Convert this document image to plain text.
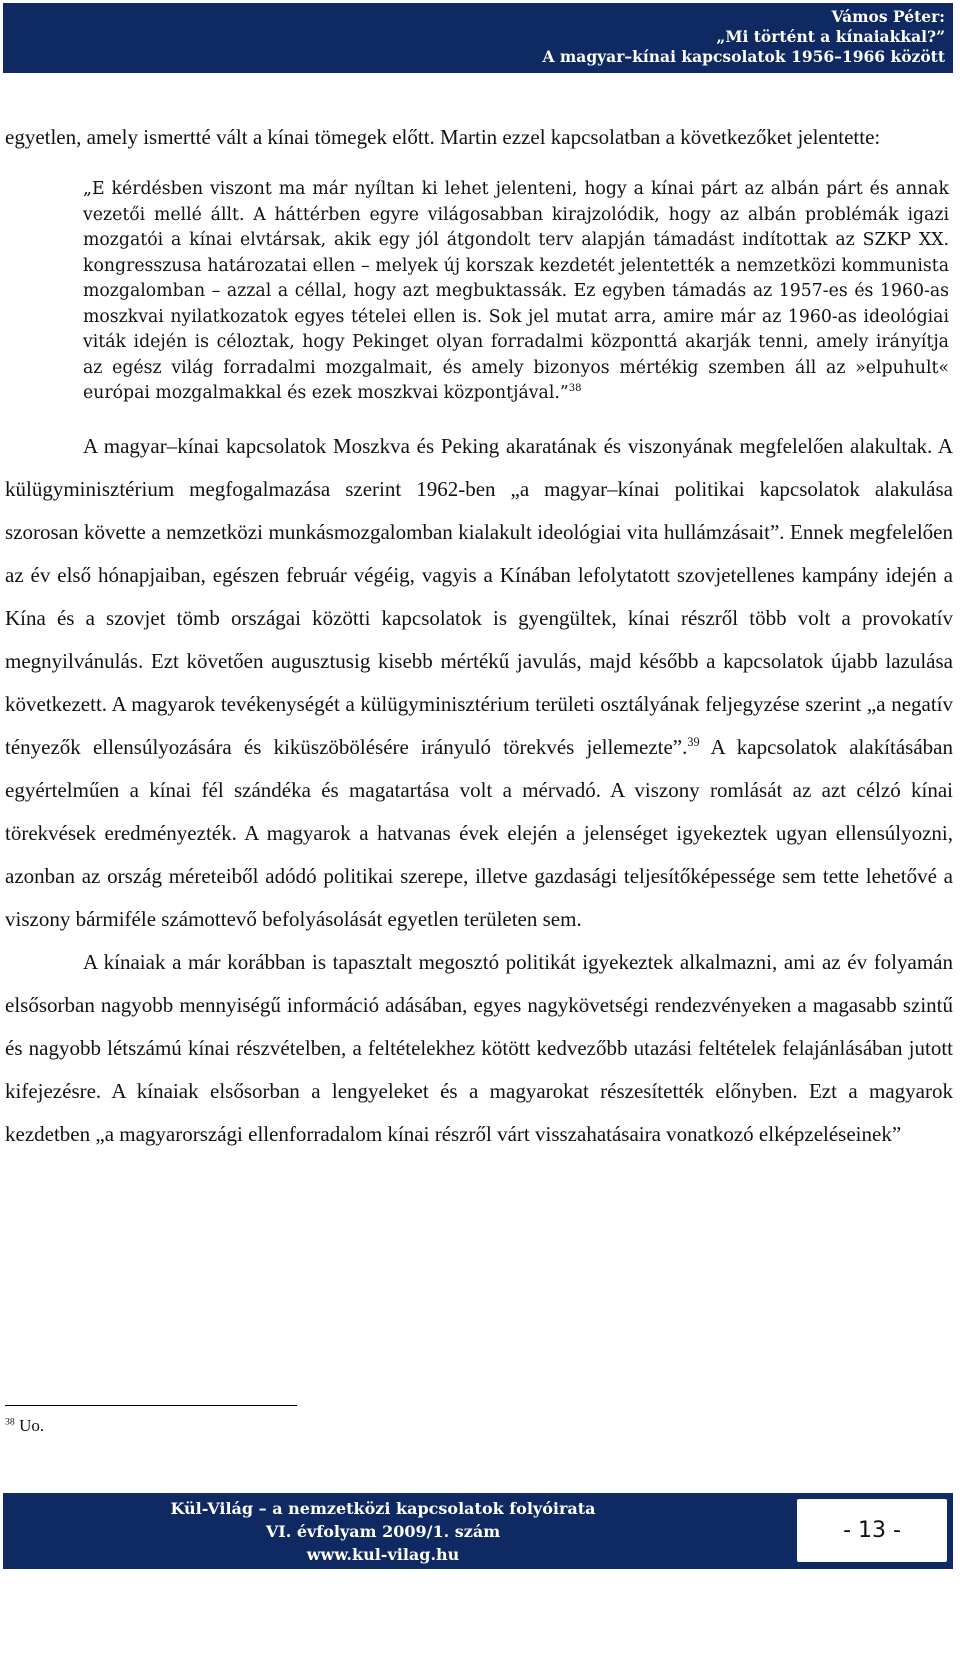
Vámos Péter:
„Mi történt a kínaiakkal?”
A magyar–kínai kapcsolatok 1956–1966 között

egyetlen, amely ismertté vált a kínai tömegek előtt. Martin ezzel kapcsolatban a következőket jelentette:

„E kérdésben viszont ma már nyíltan ki lehet jelenteni, hogy a kínai párt az albán párt és annak vezetői mellé állt. A háttérben egyre világosabban kirajzolódik, hogy az albán problémák igazi mozgatói a kínai elvtársak, akik egy jól átgondolt terv alapján támadást indítottak az SZKP XX. kongresszusa határozatai ellen – melyek új korszak kezdetét jelentették a nemzetközi kommunista mozgalomban – azzal a céllal, hogy azt megbuktassák. Ez egyben támadás az 1957-es és 1960-as moszkvai nyilatkozatok egyes tételei ellen is. Sok jel mutat arra, amire már az 1960-as ideológiai viták idején is céloztak, hogy Pekinget olyan forradalmi központtá akarják tenni, amely irányítja az egész világ forradalmi mozgalmait, és amely bizonyos mértékig szemben áll az »elpuhult« európai mozgalmakkal és ezek moszkvai központjával.”$^{38}$

A magyar–kínai kapcsolatok Moszkva és Peking akaratának és viszonyának megfelelően alakultak. A külügyminisztérium megfogalmazása szerint 1962-ben „a magyar–kínai politikai kapcsolatok alakulása szorosan követte a nemzetközi munkásmozgalomban kialakult ideológiai vita hullámzásait”. Ennek megfelelően az év első hónapjaiban, egészen február végéig, vagyis a Kínában lefolytatott szovjetellenes kampány idején a Kína és a szovjet tömb országai közötti kapcsolatok is gyengültek, kínai részről több volt a provokatív megnyilvánulás. Ezt követően augusztusig kisebb mértékű javulás, majd később a kapcsolatok újabb lazulása következett. A magyarok tevékenységét a külügyminisztérium területi osztályának feljegyzése szerint „a negatív tényezők ellensúlyozására és kiküszöbölésére irányuló törekvés jellemezte”.$^{39}$ A kapcsolatok alakításában egyértelműen a kínai fél szándéka és magatartása volt a mérvadó. A viszony romlását az azt célzó kínai törekvések eredményezték. A magyarok a hatvanas évek elején a jelenséget igyekeztek ugyan ellensúlyozni, azonban az ország méreteiből adódó politikai szerepe, illetve gazdasági teljesítőképessége sem tette lehetővé a viszony bármiféle számottevő befolyásolását egyetlen területen sem.

A kínaiak a már korábban is tapasztalt megosztó politikát igyekeztek alkalmazni, ami az év folyamán elsősorban nagyobb mennyiségű információ adásában, egyes nagykövetségi rendezvényeken a magasabb szintű és nagyobb létszámú kínai részvételben, a feltételekhez kötött kedvezőbb utazási feltételek felajánlásában jutott kifejezésre. A kínaiak elsősorban a lengyeleket és a magyarokat részesítették előnyben. Ezt a magyarok kezdetben „a magyarországi ellenforradalom kínai részről várt visszahatásaira vonatkozó elképzeléseinek”

$^{38}$ Uo.
Kül-Világ – a nemzetközi kapcsolatok folyóirata
VI. évfolyam 2009/1. szám
www.kul-vilag.hu
- 13 -
